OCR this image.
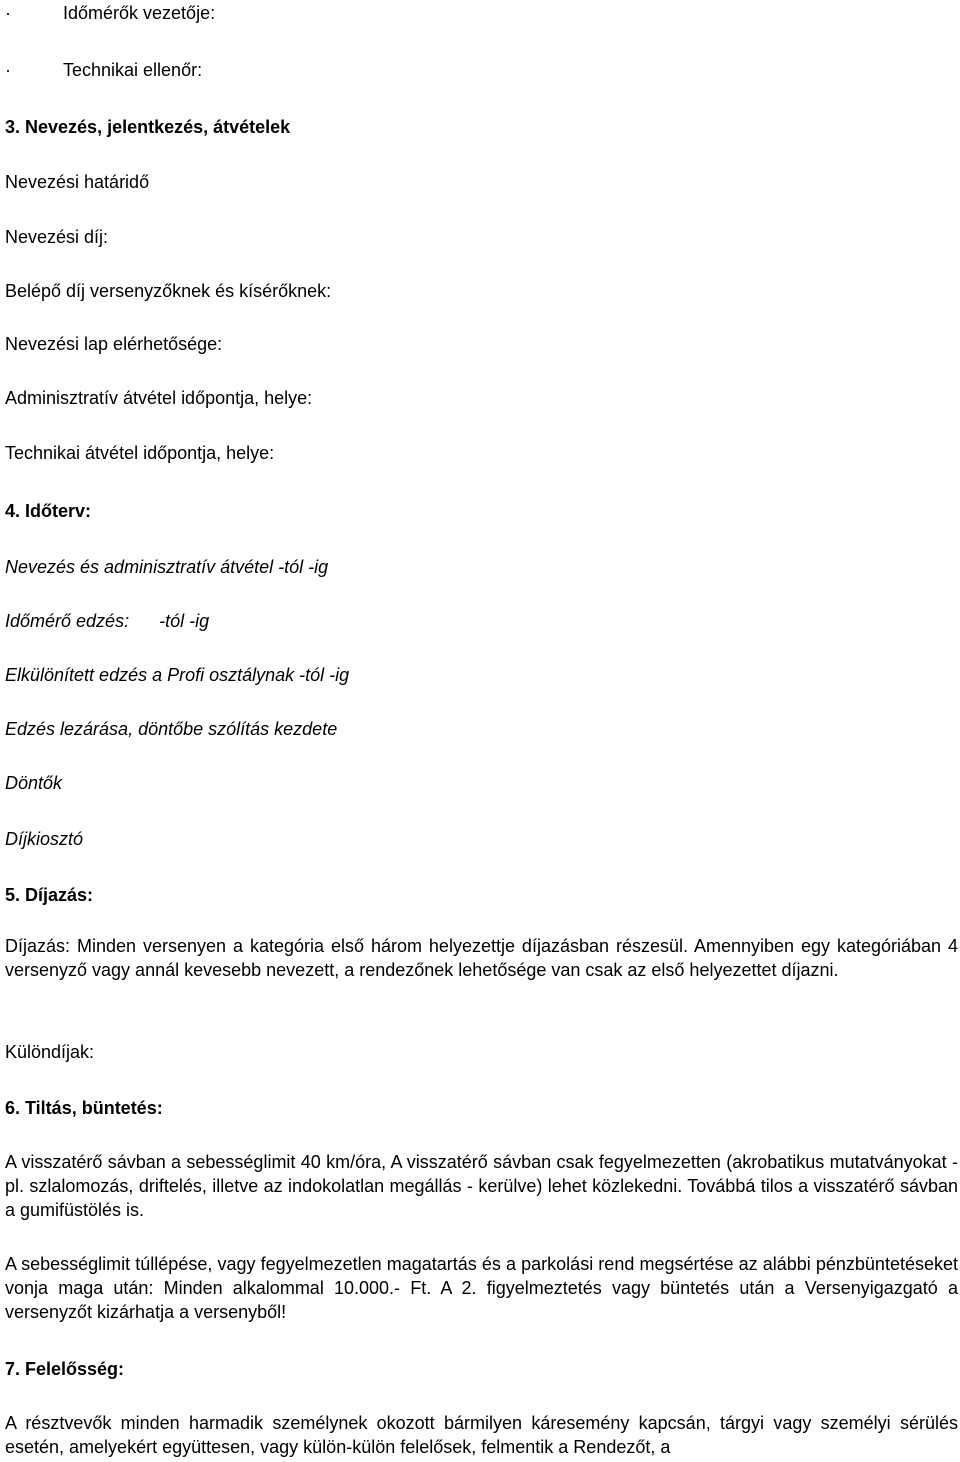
·	Időmérők vezetője:
·	Technikai ellenőr:
3. Nevezés, jelentkezés, átvételek
Nevezési határidő
Nevezési díj:
Belépő díj versenyzőknek és kísérőknek:
Nevezési lap elérhetősége:
Adminisztratív átvétel időpontja, helye:
Technikai átvétel időpontja, helye:
4. Időterv:
Nevezés és adminisztratív átvétel -tól -ig
Időmérő edzés: -tól -ig
Elkülönített edzés a Profi osztálynak -tól -ig
Edzés lezárása, döntőbe szólítás kezdete
Döntők
Díjkiosztó
5. Díjazás:
Díjazás: Minden versenyen a kategória első három helyezettje díjazásban részesül. Amennyiben egy kategóriában 4 versenyző vagy annál kevesebb nevezett, a rendezőnek lehetősége van csak az első helyezettet díjazni.
Különdíjak:
6. Tiltás, büntetés:
A visszatérő sávban a sebességlimit 40 km/óra, A visszatérő sávban csak fegyelmezetten (akrobatikus mutatványokat - pl. szlalomozás, driftelés, illetve az indokolatlan megállás - kerülve) lehet közlekedni. Továbbá tilos a visszatérő sávban a gumifüstölés is.
A sebességlimit túllépése, vagy fegyelmezetlen magatartás és a parkolási rend megsértése az alábbi pénzbüntetéseket vonja maga után: Minden alkalommal 10.000.- Ft. A 2. figyelmeztetés vagy büntetés után a Versenyigazgató a versenyzőt kizárhatja a versenyből!
7. Felelősség:
A résztvevők minden harmadik személynek okozott bármilyen káresemény kapcsán, tárgyi vagy személyi sérülés esetén, amelyekért együttesen, vagy külön-külön felelősek, felmentik a Rendezőt, a
